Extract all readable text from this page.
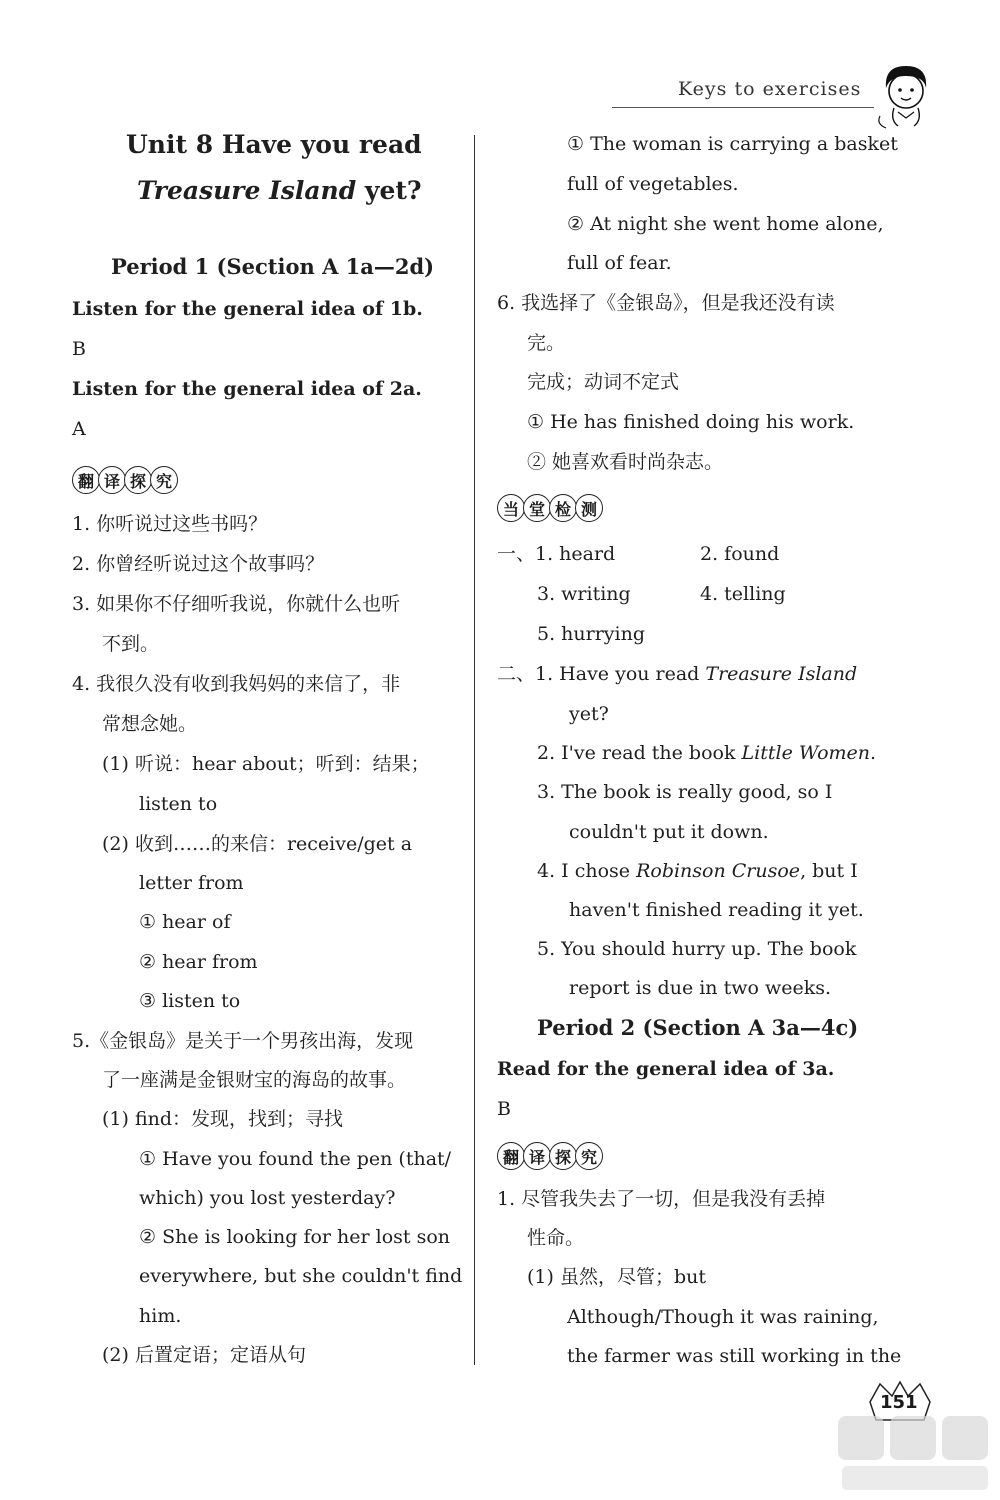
Keys to exercises
Unit 8 Have you read
Treasure Island yet?
Period 1 (Section A 1a—2d)
Listen for the general idea of 1b.
B
Listen for the general idea of 2a.
A
翻 译 探 究
1. 你听说过这些书吗？
2. 你曾经听说过这个故事吗？
3. 如果你不仔细听我说，你就什么也听
不到。
4. 我很久没有收到我妈妈的来信了，非
常想念她。
(1) 听说：hear about；听到：结果；
listen to
(2) 收到……的来信：receive/get a
letter from
① hear of
② hear from
③ listen to
5.《金银岛》是关于一个男孩出海，发现
了一座满是金银财宝的海岛的故事。
(1) find：发现，找到；寻找
① Have you found the pen (that/
which) you lost yesterday?
② She is looking for her lost son
everywhere, but she couldn't find
him.
(2) 后置定语；定语从句
① The woman is carrying a basket
full of vegetables.
② At night she went home alone,
full of fear.
6. 我选择了《金银岛》，但是我还没有读
完。
完成；动词不定式
① He has finished doing his work.
② 她喜欢看时尚杂志。
当 堂 检 测
一、1. heard	2. found
3. writing	4. telling
5. hurrying
二、1. Have you read Treasure Island
yet?
2. I've read the book Little Women.
3. The book is really good, so I
couldn't put it down.
4. I chose Robinson Crusoe, but I
haven't finished reading it yet.
5. You should hurry up. The book
report is due in two weeks.
Period 2 (Section A 3a—4c)
Read for the general idea of 3a.
B
翻 译 探 究
1. 尽管我失去了一切，但是我没有丢掉
性命。
(1) 虽然，尽管；but
Although/Though it was raining,
the farmer was still working in the
151
